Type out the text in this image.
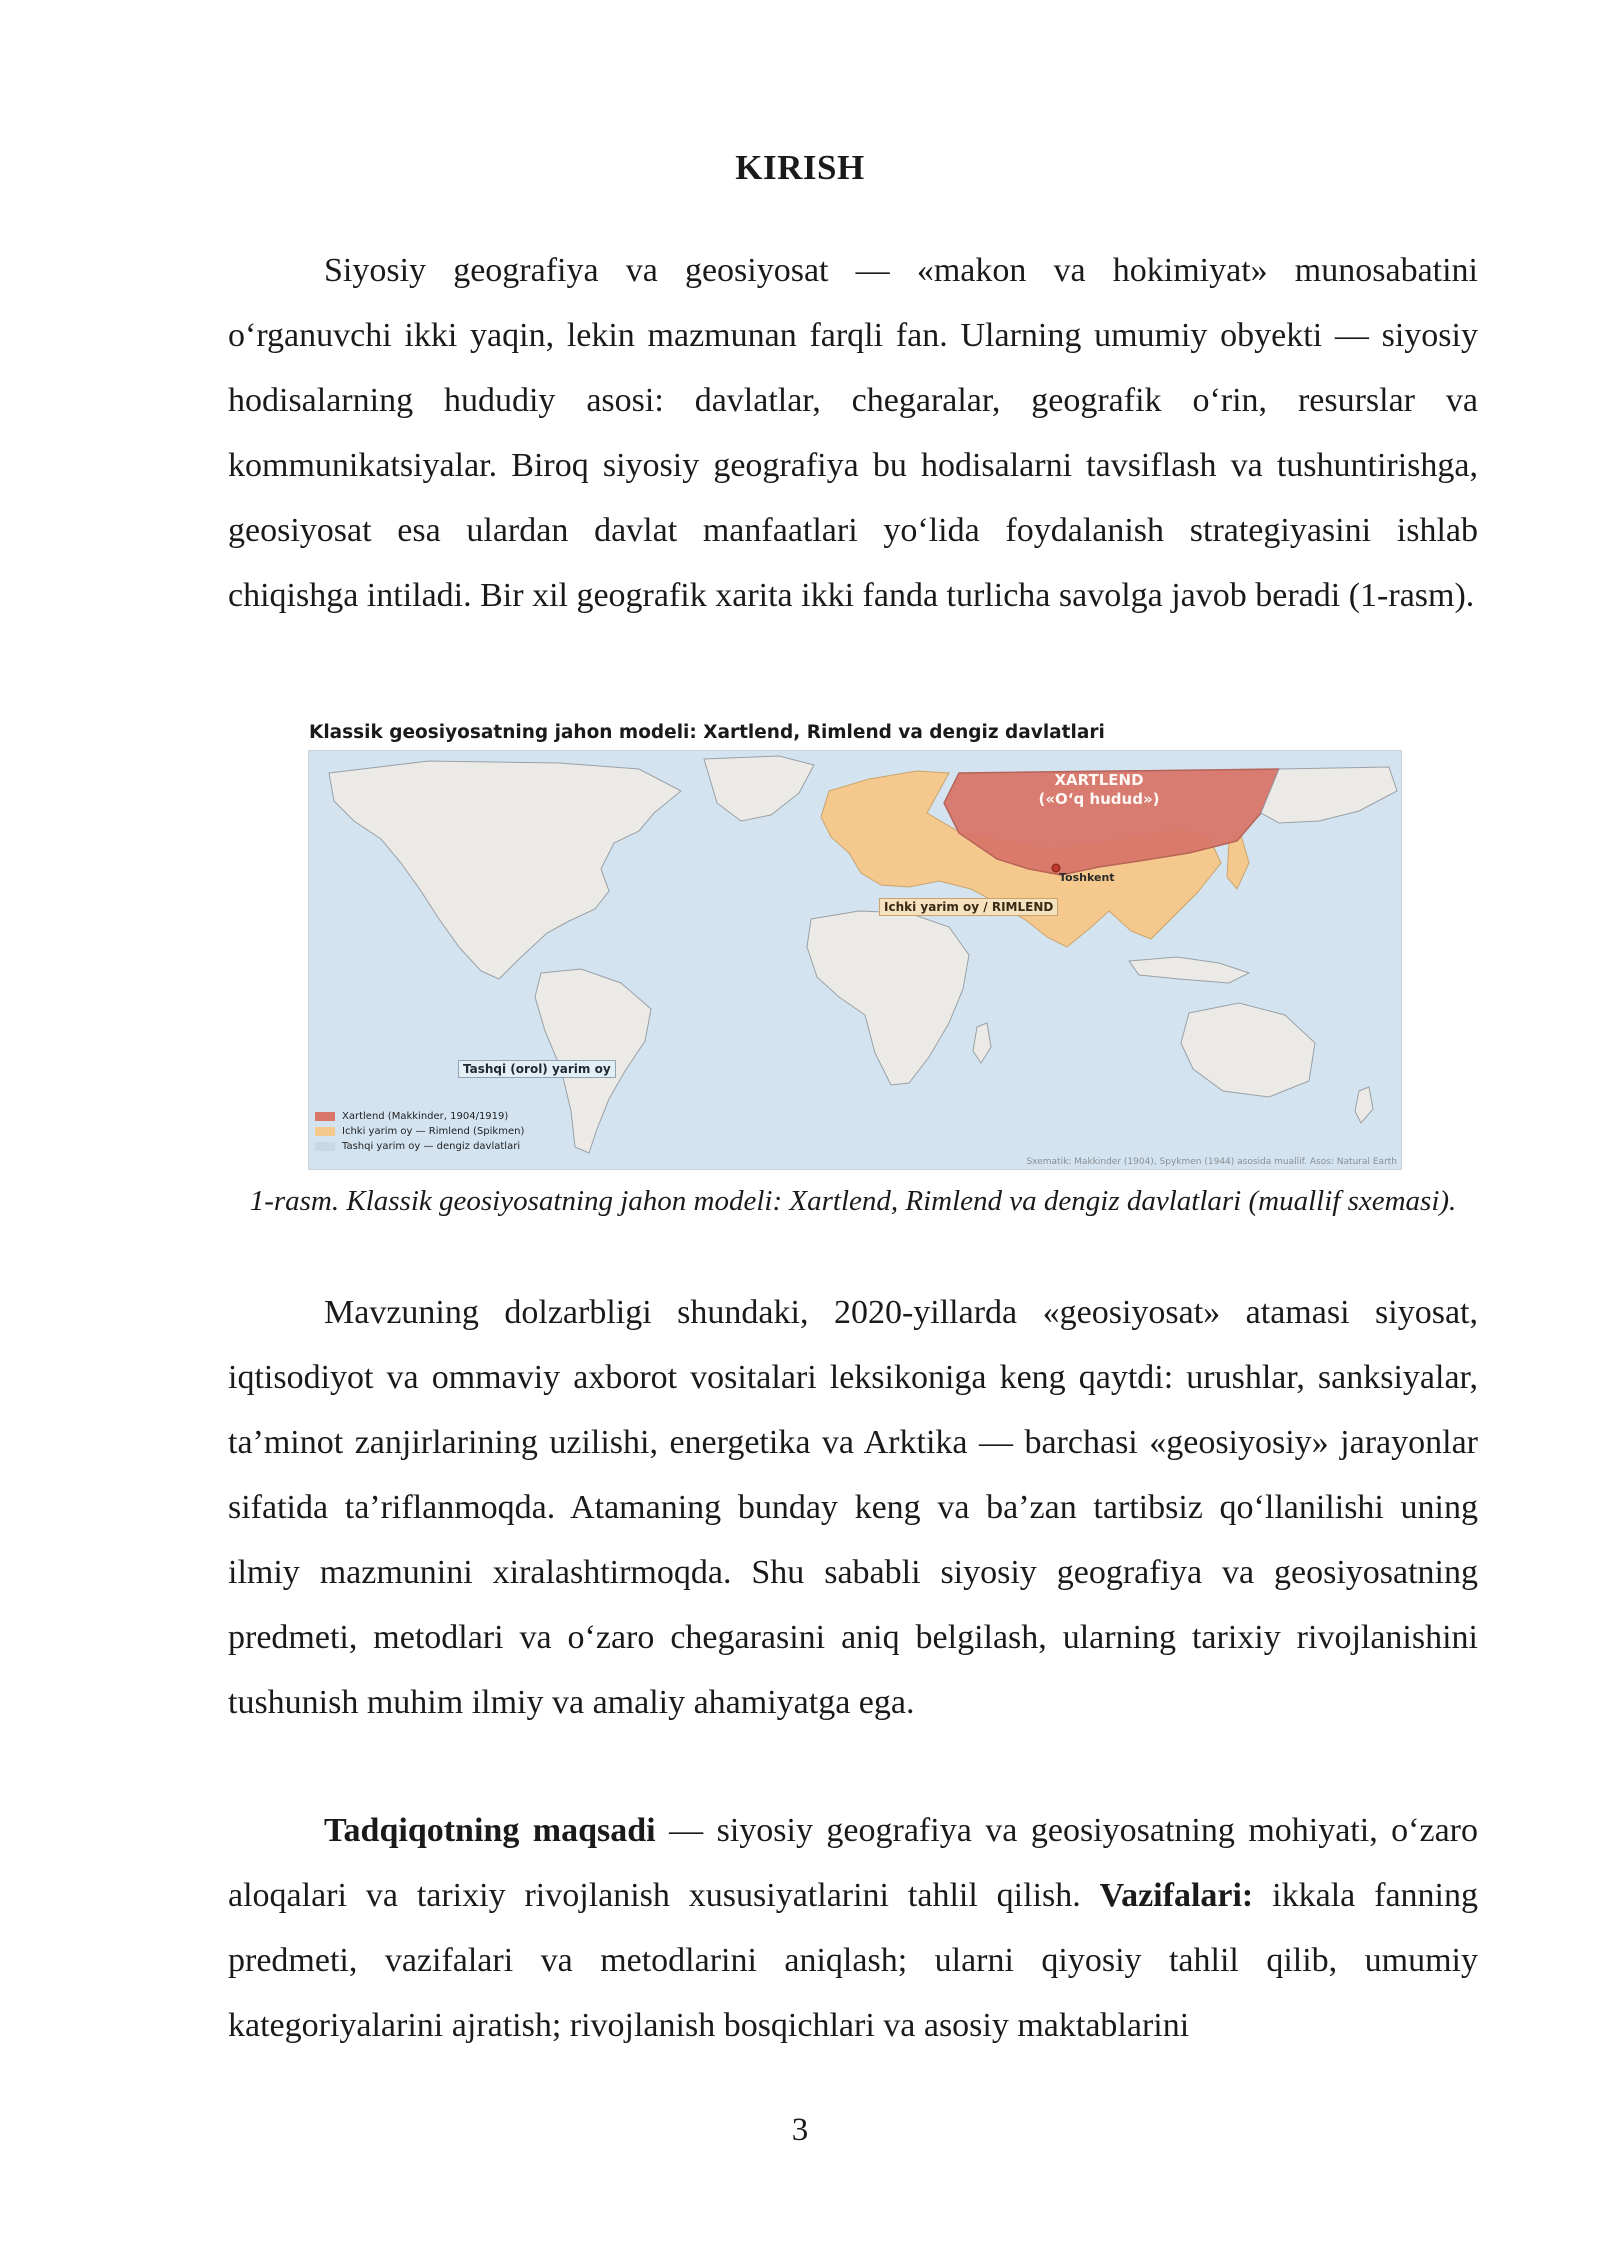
KIRISH

Siyosiy geografiya va geosiyosat — «makon va hokimiyat» munosabatini o‘rganuvchi ikki yaqin, lekin mazmunan farqli fan. Ularning umumiy obyekti — siyosiy hodisalarning hududiy asosi: davlatlar, chegaralar, geografik o‘rin, resurslar va kommunikatsiyalar. Biroq siyosiy geografiya bu hodisalarni tavsiflash va tushuntirishga, geosiyosat esa ulardan davlat manfaatlari yo‘lida foydalanish strategiyasini ishlab chiqishga intiladi. Bir xil geografik xarita ikki fanda turlicha savolga javob beradi (1-rasm).

Klassik geosiyosatning jahon modeli: Xartlend, Rimlend va dengiz davlatlari
XARTLEND
(«O‘q hudud»)
Toshkent
Ichki yarim oy / RIMLEND
Tashqi (orol) yarim oy
Xartlend (Makkinder, 1904/1919)
Ichki yarim oy — Rimlend (Spikmen)
Tashqi yarim oy — dengiz davlatlari
Sxematik: Makkinder (1904), Spykmen (1944) asosida muallif. Asos: Natural Earth

1-rasm. Klassik geosiyosatning jahon modeli: Xartlend, Rimlend va dengiz davlatlari (muallif sxemasi).

Mavzuning dolzarbligi shundaki, 2020-yillarda «geosiyosat» atamasi siyosat, iqtisodiyot va ommaviy axborot vositalari leksikoniga keng qaytdi: urushlar, sanksiyalar, ta’minot zanjirlarining uzilishi, energetika va Arktika — barchasi «geosiyosiy» jarayonlar sifatida ta’riflanmoqda. Atamaning bunday keng va ba’zan tartibsiz qo‘llanilishi uning ilmiy mazmunini xiralashtirmoqda. Shu sababli siyosiy geografiya va geosiyosatning predmeti, metodlari va o‘zaro chegarasini aniq belgilash, ularning tarixiy rivojlanishini tushunish muhim ilmiy va amaliy ahamiyatga ega.

Tadqiqotning maqsadi — siyosiy geografiya va geosiyosatning mohiyati, o‘zaro aloqalari va tarixiy rivojlanish xususiyatlarini tahlil qilish. Vazifalari: ikkala fanning predmeti, vazifalari va metodlarini aniqlash; ularni qiyosiy tahlil qilib, umumiy kategoriyalarini ajratish; rivojlanish bosqichlari va asosiy maktablarini

3
